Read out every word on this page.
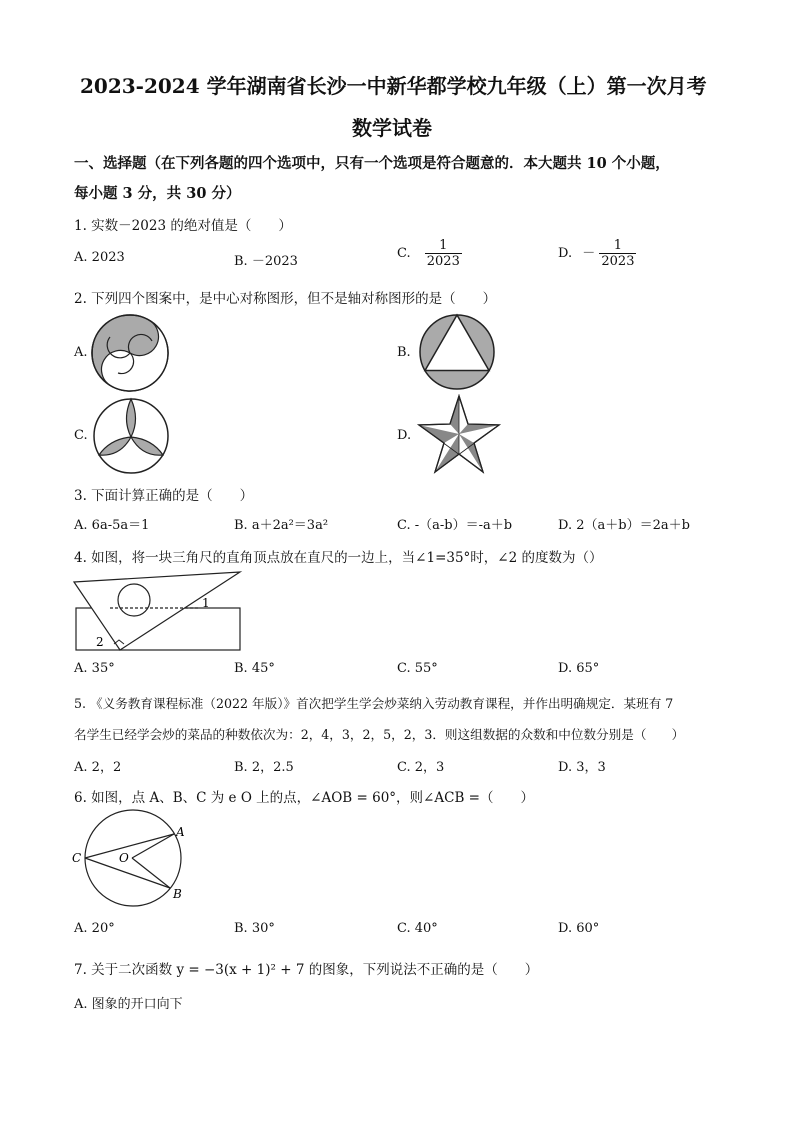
2023-2024 学年湖南省长沙一中新华都学校九年级（上）第一次月考
数学试卷
一、选择题（在下列各题的四个选项中，只有一个选项是符合题意的．本大题共 10 个小题，
每小题 3 分，共 30 分）
1. 实数－2023 的绝对值是（　　）
A. 2023	B. －2023
C. $\frac{1}{2023}$	D. － $\frac{1}{2023}$
2. 下列四个图案中，是中心对称图形，但不是轴对称图形的是（　　）
A.	B.
C.	D.
3. 下面计算正确的是（　　）
A. 6a-5a＝1	B. a＋2a²＝3a²	C. -（a-b）＝-a＋b	D. 2（a＋b）＝2a＋b
4. 如图，将一块三角尺的直角顶点放在直尺的一边上，当∠1=35°时，∠2 的度数为（）
1
2
A. 35°	B. 45°	C. 55°	D. 65°
5. 《义务教育课程标准（2022 年版）》首次把学生学会炒菜纳入劳动教育课程，并作出明确规定．某班有 7
名学生已经学会炒的菜品的种数依次为：2，4，3，2，5，2，3．则这组数据的众数和中位数分别是（　　）
A. 2，2	B. 2，2.5	C. 2，3	D. 3，3
6. 如图，点 A、B、C 为 e O 上的点，∠AOB = 60°，则∠ACB =（　　）
A
B
C	O
A. 20°	B. 30°	C. 40°	D. 60°
7. 关于二次函数 y = −3(x + 1)² + 7 的图象，下列说法不正确的是（　　）
A. 图象的开口向下
